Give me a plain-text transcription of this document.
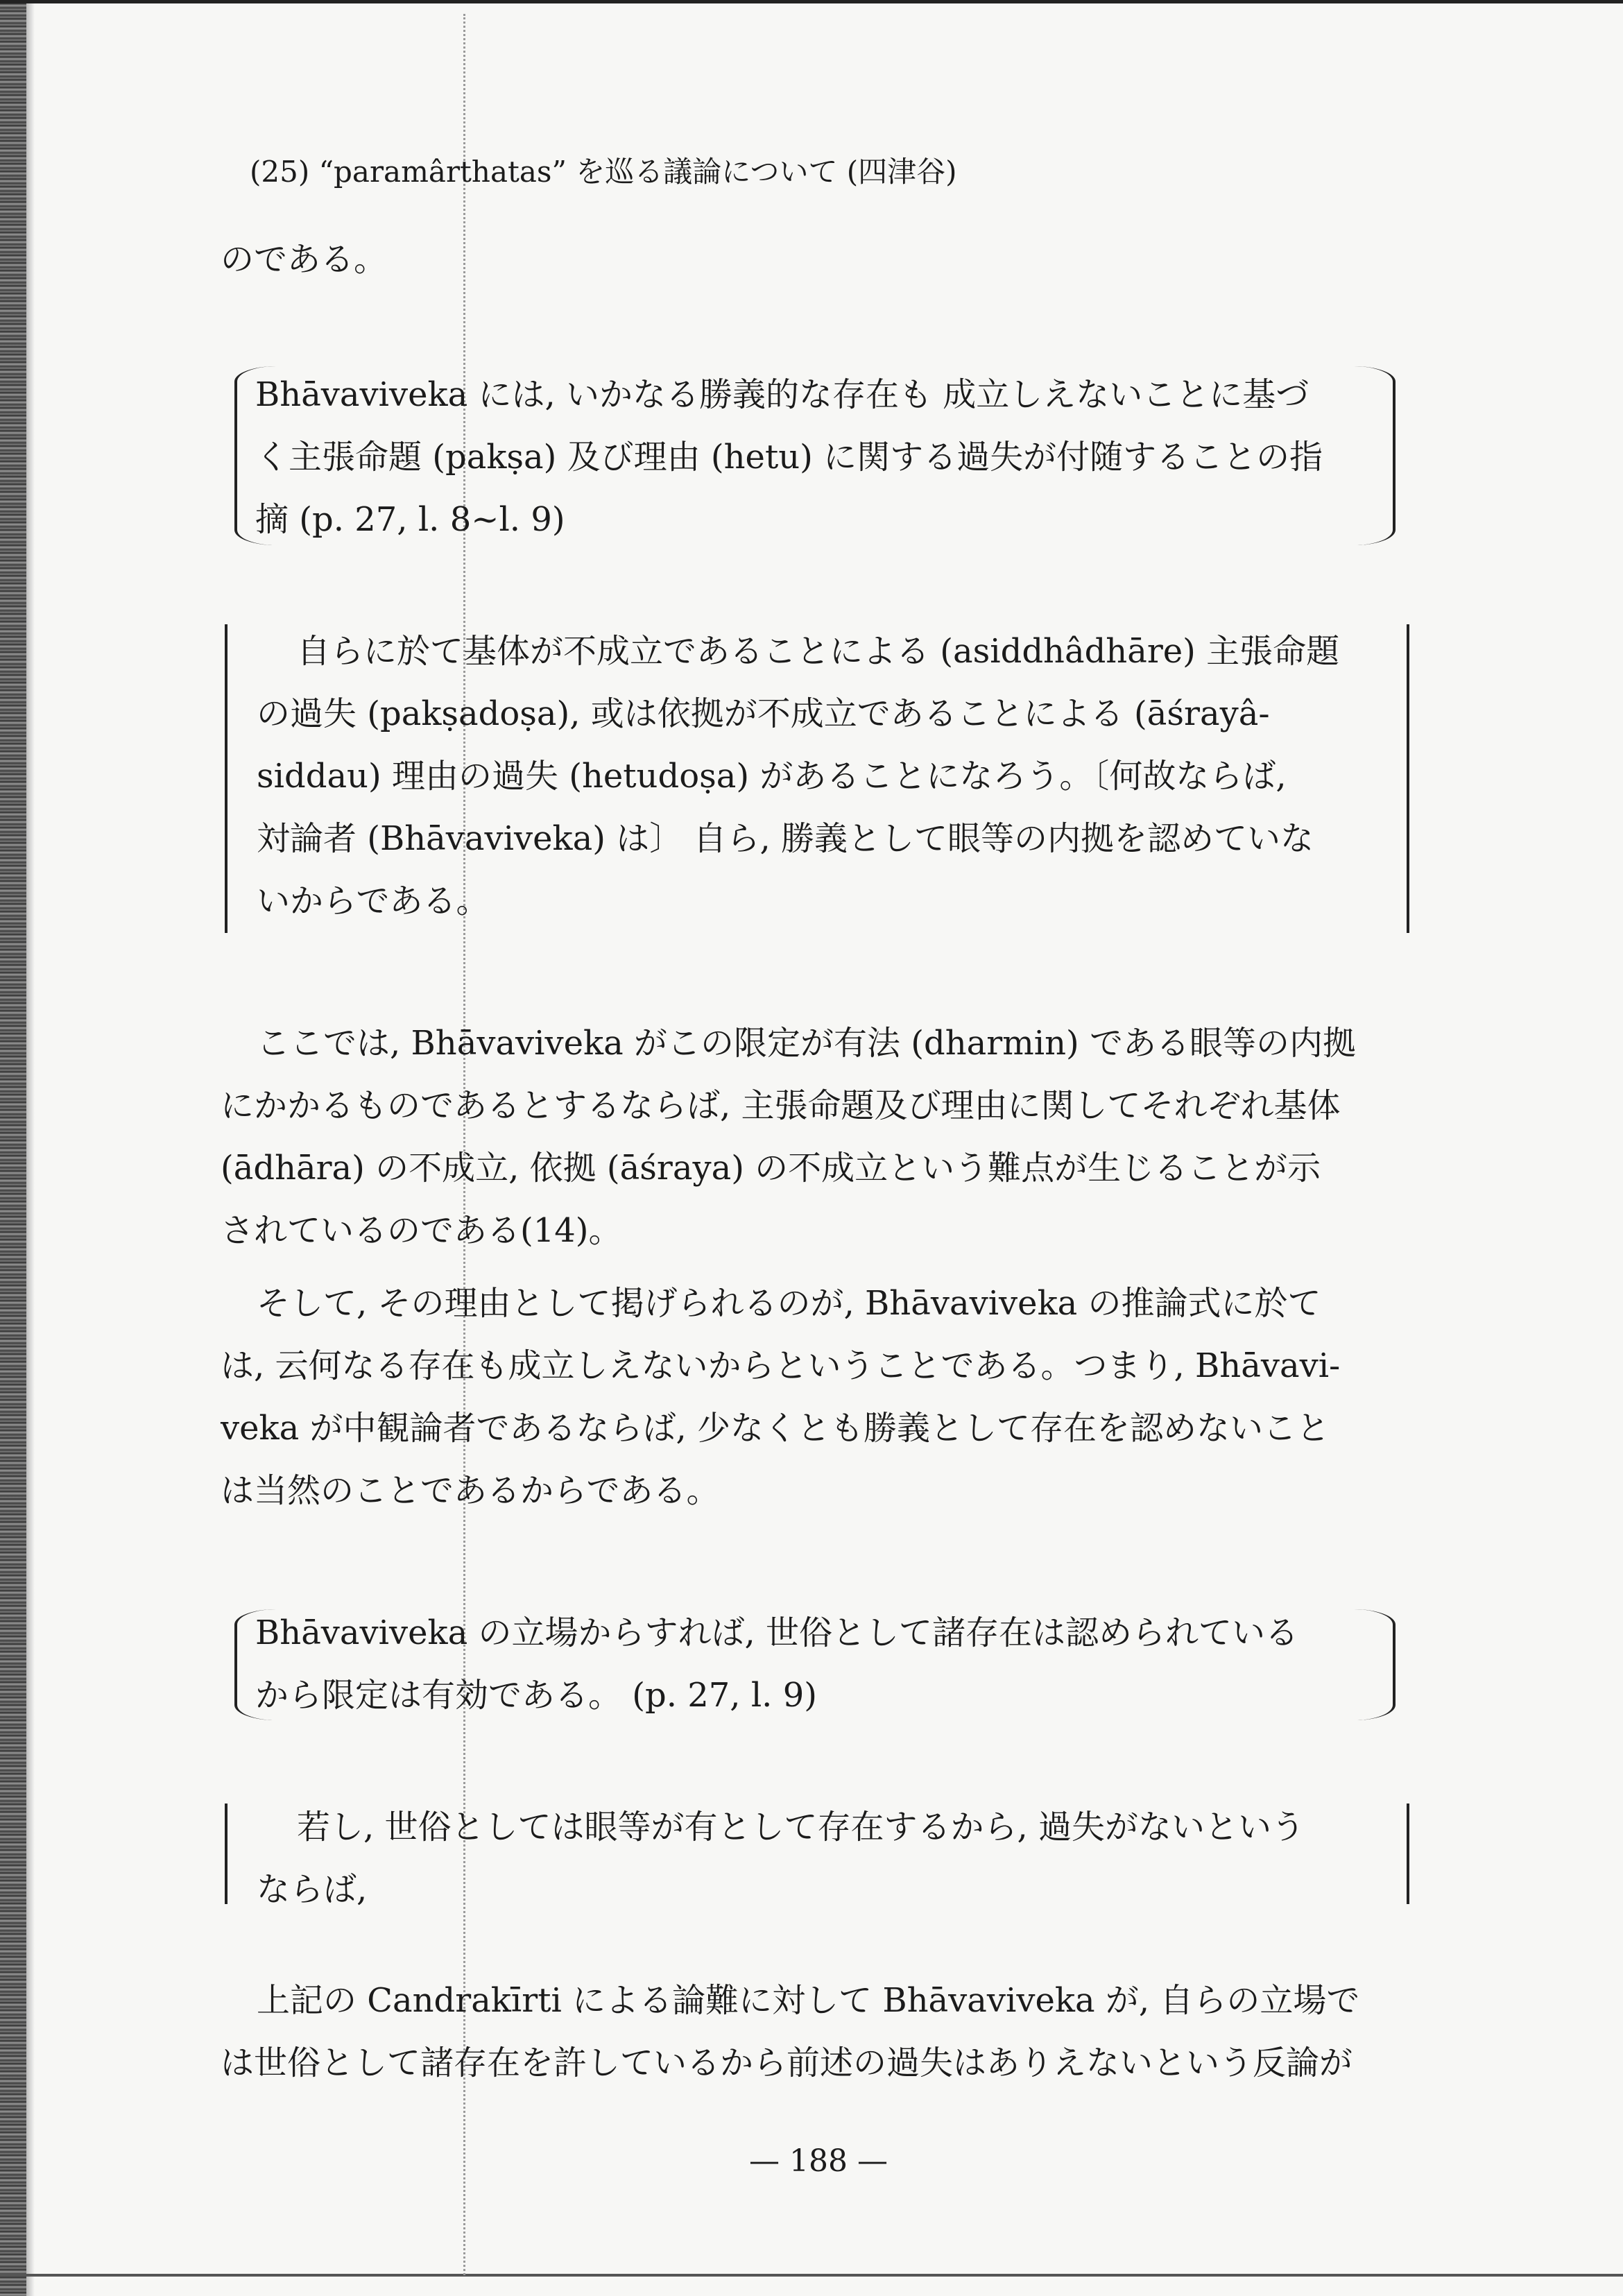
(25) “paramârthatas” を巡る議論について (四津谷)
のである。
Bhāvaviveka には, いかなる勝義的な存在も 成立しえないことに基づ
く主張命題 (pakṣa) 及び理由 (hetu) に関する過失が付随することの指
摘 (p. 27, l. 8~l. 9)
自らに於て基体が不成立であることによる (asiddhâdhāre) 主張命題
の過失 (pakṣadoṣa), 或は依拠が不成立であることによる (āśrayâ-
siddau) 理由の過失 (hetudoṣa) があることになろう。〔何故ならば,
対論者 (Bhāvaviveka) は〕 自ら, 勝義として眼等の内拠を認めていな
いからである。
ここでは, Bhāvaviveka がこの限定が有法 (dharmin) である眼等の内拠
にかかるものであるとするならば, 主張命題及び理由に関してそれぞれ基体
(ādhāra) の不成立, 依拠 (āśraya) の不成立という難点が生じることが示
されているのである(14)。
そして, その理由として掲げられるのが, Bhāvaviveka の推論式に於て
は, 云何なる存在も成立しえないからということである。つまり, Bhāvavi-
veka が中観論者であるならば, 少なくとも勝義として存在を認めないこと
は当然のことであるからである。
Bhāvaviveka の立場からすれば, 世俗として諸存在は認められている
から限定は有効である。 (p. 27, l. 9)
若し, 世俗としては眼等が有として存在するから, 過失がないという
ならば,
上記の Candrakīrti による論難に対して Bhāvaviveka が, 自らの立場で
は世俗として諸存在を許しているから前述の過失はありえないという反論が
— 188 —
